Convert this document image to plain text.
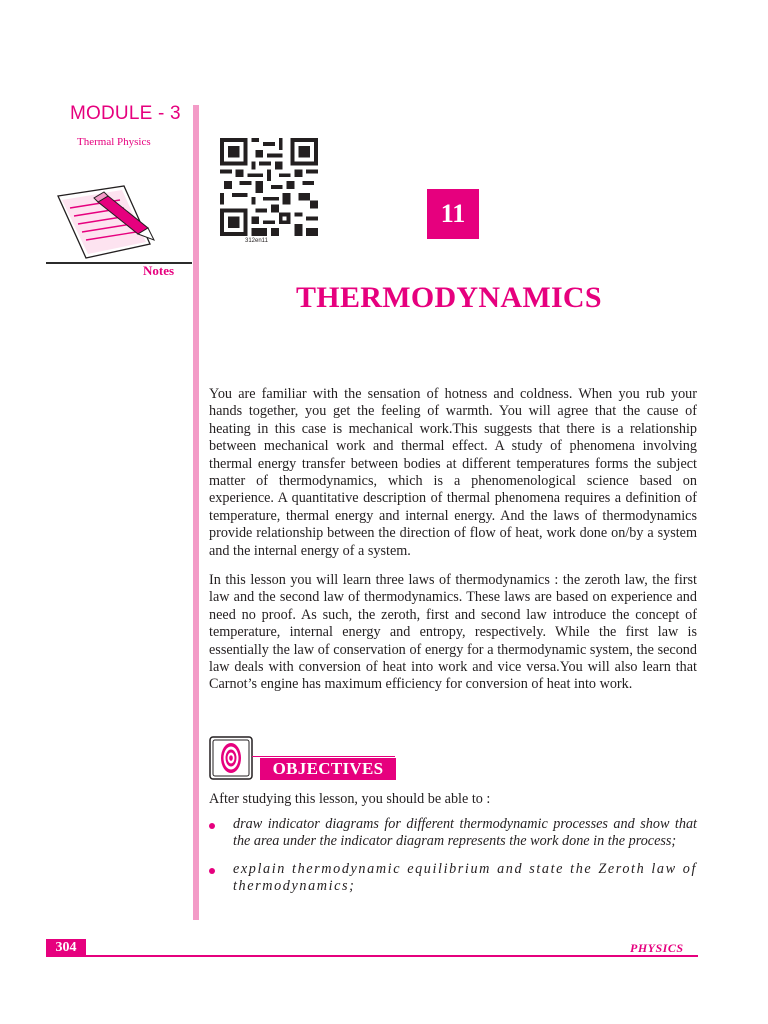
MODULE - 3
Thermal Physics
Notes
312en11
11
THERMODYNAMICS

You are familiar with the sensation of hotness and coldness. When you rub your hands together, you get the feeling of warmth. You will agree that the cause of heating in this case is mechanical work.This suggests that there is a relationship between mechanical work and thermal effect. A study of phenomena involving thermal energy transfer between bodies at different temperatures forms the subject matter of thermodynamics, which is a phenomenological science based on experience. A quantitative description of thermal phenomena requires a definition of temperature, thermal energy and internal energy. And the laws of thermodynamics provide relationship between the direction of flow of heat, work done on/by a system and the internal energy of a system.

In this lesson you will learn three laws of thermodynamics : the zeroth law, the first law and the second law of thermodynamics. These laws are based on experience and need no proof. As such, the zeroth, first and second law introduce the concept of temperature, internal energy and entropy, respectively. While the first law is essentially the law of conservation of energy for a thermodynamic system, the second law deals with conversion of heat into work and vice versa.You will also learn that Carnot’s engine has maximum efficiency for conversion of heat into work.

OBJECTIVES
After studying this lesson, you should be able to :
draw indicator diagrams for different thermodynamic processes and show that the area under the indicator diagram represents the work done in the process;
explain thermodynamic equilibrium and state the Zeroth law of thermodynamics;
304	PHYSICS
